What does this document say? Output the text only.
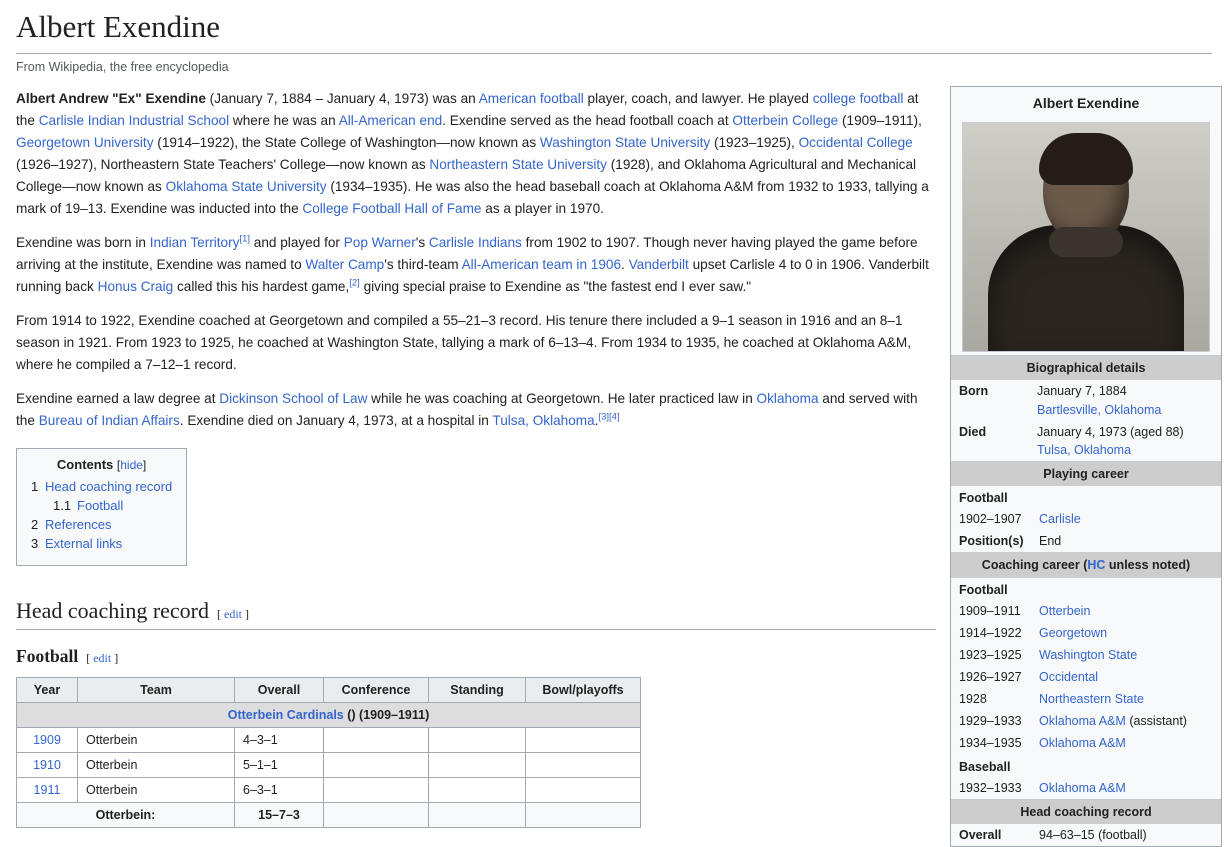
Albert Exendine
From Wikipedia, the free encyclopedia

Albert Andrew "Ex" Exendine (January 7, 1884 – January 4, 1973) was an American football player, coach, and lawyer. He played college football at the Carlisle Indian Industrial School where he was an All-American end. Exendine served as the head football coach at Otterbein College (1909–1911), Georgetown University (1914–1922), the State College of Washington—now known as Washington State University (1923–1925), Occidental College (1926–1927), Northeastern State Teachers' College—now known as Northeastern State University (1928), and Oklahoma Agricultural and Mechanical College—now known as Oklahoma State University (1934–1935). He was also the head baseball coach at Oklahoma A&M from 1932 to 1933, tallying a mark of 19–13. Exendine was inducted into the College Football Hall of Fame as a player in 1970.

Exendine was born in Indian Territory[1] and played for Pop Warner's Carlisle Indians from 1902 to 1907. Though never having played the game before arriving at the institute, Exendine was named to Walter Camp's third-team All-American team in 1906. Vanderbilt upset Carlisle 4 to 0 in 1906. Vanderbilt running back Honus Craig called this his hardest game,[2] giving special praise to Exendine as "the fastest end I ever saw."

From 1914 to 1922, Exendine coached at Georgetown and compiled a 55–21–3 record. His tenure there included a 9–1 season in 1916 and an 8–1 season in 1921. From 1923 to 1925, he coached at Washington State, tallying a mark of 6–13–4. From 1934 to 1935, he coached at Oklahoma A&M, where he compiled a 7–12–1 record.

Exendine earned a law degree at Dickinson School of Law while he was coaching at Georgetown. He later practiced law in Oklahoma and served with the Bureau of Indian Affairs. Exendine died on January 4, 1973, at a hospital in Tulsa, Oklahoma.[3][4]

Contents [hide]
1 Head coaching record
1.1 Football
2 References
3 External links
Head coaching record [ edit ]
Football [ edit ]
Year	Team	Overall	Conference	Standing	Bowl/playoffs
Otterbein Cardinals () (1909–1911)					
1909	Otterbein	4–3–1			
1910	Otterbein	5–1–1			
1911	Otterbein	6–3–1			
Otterbein:		15–7–3			
Albert Exendine
Biographical details
Born	January 7, 1884
Bartlesville, Oklahoma
Died	January 4, 1973 (aged 88)
Tulsa, Oklahoma
Playing career
Football
1902–1907	Carlisle
Position(s)	End
Coaching career (HC unless noted)
Football
1909–1911	Otterbein
1914–1922	Georgetown
1923–1925	Washington State
1926–1927	Occidental
1928	Northeastern State
1929–1933	Oklahoma A&M (assistant)
1934–1935	Oklahoma A&M
Baseball
1932–1933	Oklahoma A&M
Head coaching record
Overall	94–63–15 (football)
